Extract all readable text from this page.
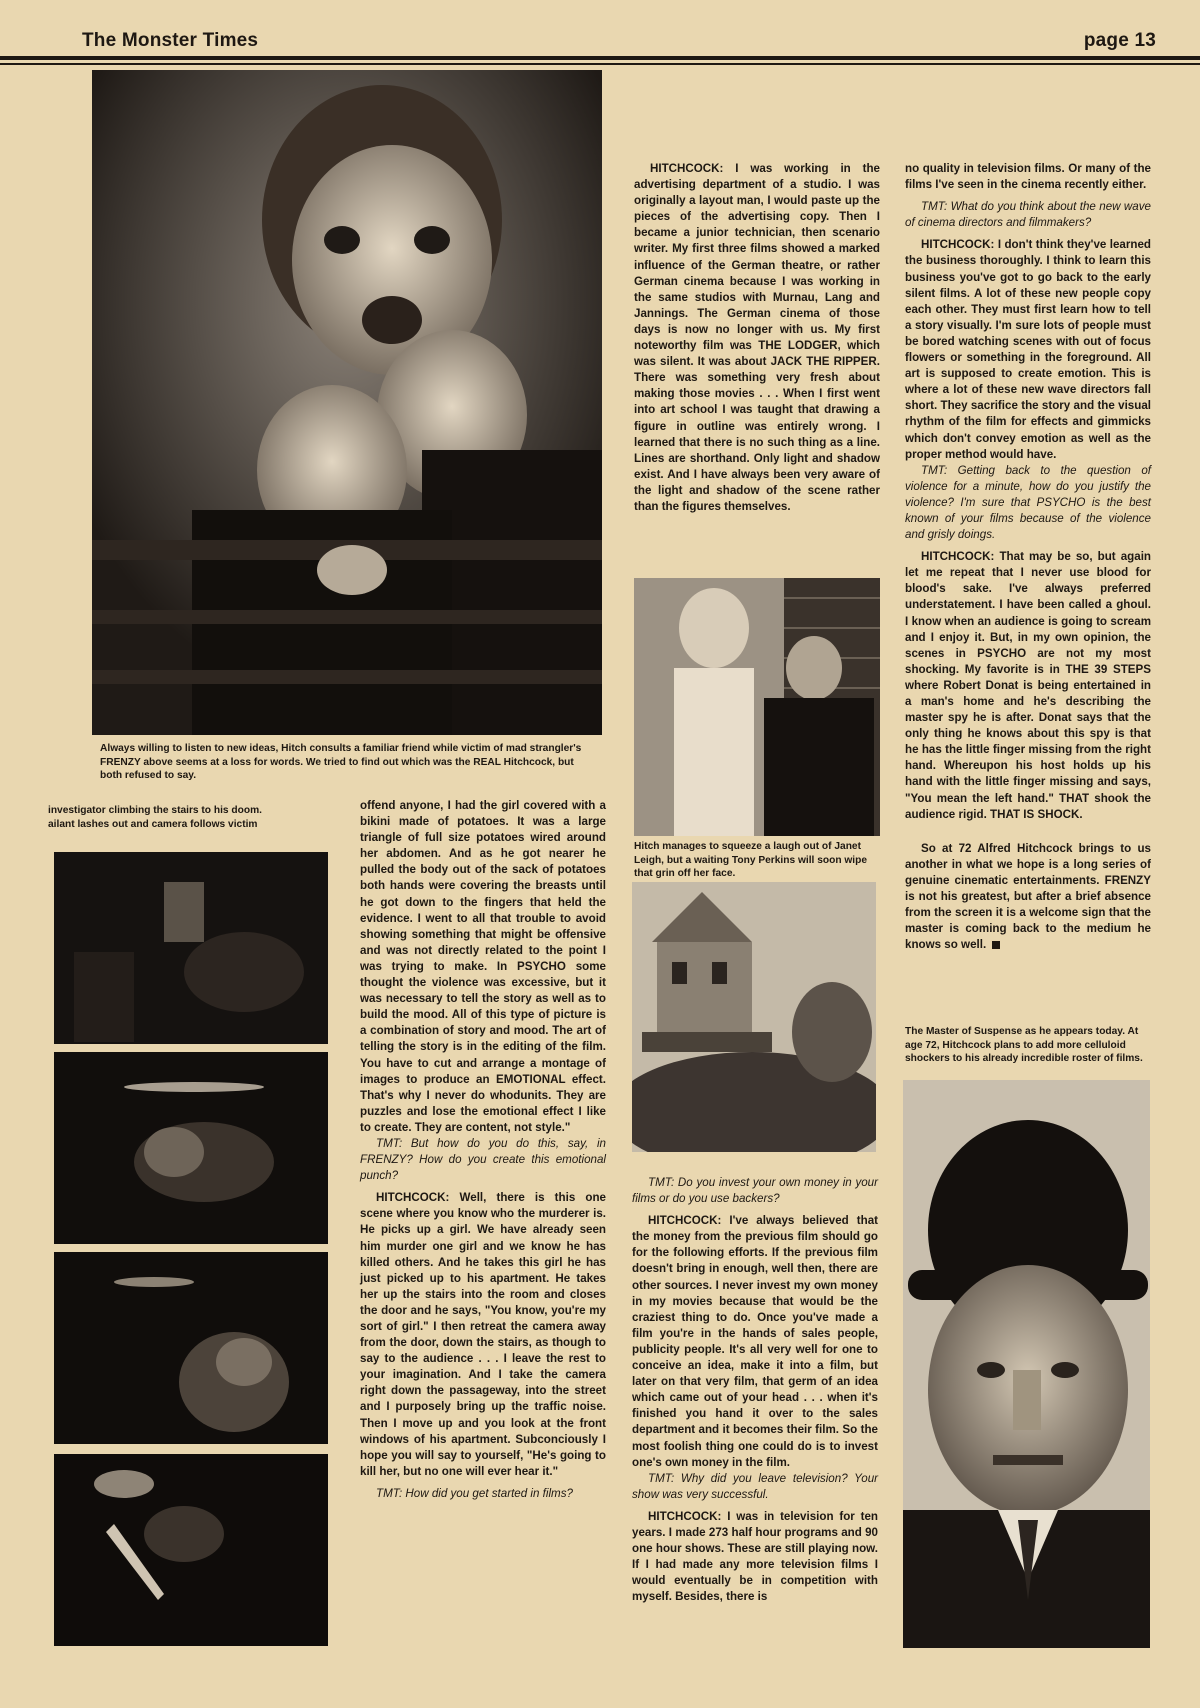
The Monster Times	page 13
Always willing to listen to new ideas, Hitch consults a familiar friend while victim of mad strangler's FRENZY above seems at a loss for words. We tried to find out which was the REAL Hitchcock, but both refused to say.
investigator climbing the stairs to his doom. ailant lashes out and camera follows victim

offend anyone, I had the girl covered with a bikini made of potatoes. It was a large triangle of full size potatoes wired around her abdomen. And as he got nearer he pulled the body out of the sack of potatoes both hands were covering the breasts until he got down to the fingers that held the evidence. I went to all that trouble to avoid showing something that might be offensive and was not directly related to the point I was trying to make. In PSYCHO some thought the violence was excessive, but it was necessary to tell the story as well as to build the mood. All of this type of picture is a combination of story and mood. The art of telling the story is in the editing of the film. You have to cut and arrange a montage of images to produce an EMOTIONAL effect. That's why I never do whodunits. They are puzzles and lose the emotional effect I like to create. They are content, not style."

TMT: But how do you do this, say, in FRENZY? How do you create this emotional punch?

HITCHCOCK: Well, there is this one scene where you know who the murderer is. He picks up a girl. We have already seen him murder one girl and we know he has killed others. And he takes this girl he has just picked up to his apartment. He takes her up the stairs into the room and closes the door and he says, "You know, you're my sort of girl." I then retreat the camera away from the door, down the stairs, as though to say to the audience . . . I leave the rest to your imagination. And I take the camera right down the passageway, into the street and I purposely bring up the traffic noise. Then I move up and you look at the front windows of his apartment. Subconciously I hope you will say to yourself, "He's going to kill her, but no one will ever hear it."

TMT: How did you get started in films?

HITCHCOCK: I was working in the advertising department of a studio. I was originally a layout man, I would paste up the pieces of the advertising copy. Then I became a junior technician, then scenario writer. My first three films showed a marked influence of the German theatre, or rather German cinema because I was working in the same studios with Murnau, Lang and Jannings. The German cinema of those days is now no longer with us. My first noteworthy film was THE LODGER, which was silent. It was about JACK THE RIPPER. There was something very fresh about making those movies . . . When I first went into art school I was taught that drawing a figure in outline was entirely wrong. I learned that there is no such thing as a line. Lines are shorthand. Only light and shadow exist. And I have always been very aware of the light and shadow of the scene rather than the figures themselves.

Hitch manages to squeeze a laugh out of Janet Leigh, but a waiting Tony Perkins will soon wipe that grin off her face.

TMT: Do you invest your own money in your films or do you use backers?

HITCHCOCK: I've always believed that the money from the previous film should go for the following efforts. If the previous film doesn't bring in enough, well then, there are other sources. I never invest my own money in my movies because that would be the craziest thing to do. Once you've made a film you're in the hands of sales people, publicity people. It's all very well for one to conceive an idea, make it into a film, but later on that very film, that germ of an idea which came out of your head . . . when it's finished you hand it over to the sales department and it becomes their film. So the most foolish thing one could do is to invest one's own money in the film.

TMT: Why did you leave television? Your show was very successful.

HITCHCOCK: I was in television for ten years. I made 273 half hour programs and 90 one hour shows. These are still playing now. If I had made any more television films I would eventually be in competition with myself. Besides, there is

no quality in television films. Or many of the films I've seen in the cinema recently either.

TMT: What do you think about the new wave of cinema directors and filmmakers?

HITCHCOCK: I don't think they've learned the business thoroughly. I think to learn this business you've got to go back to the early silent films. A lot of these new people copy each other. They must first learn how to tell a story visually. I'm sure lots of people must be bored watching scenes with out of focus flowers or something in the foreground. All art is supposed to create emotion. This is where a lot of these new wave directors fall short. They sacrifice the story and the visual rhythm of the film for effects and gimmicks which don't convey emotion as well as the proper method would have.

TMT: Getting back to the question of violence for a minute, how do you justify the violence? I'm sure that PSYCHO is the best known of your films because of the violence and grisly doings.

HITCHCOCK: That may be so, but again let me repeat that I never use blood for blood's sake. I've always preferred understatement. I have been called a ghoul. I know when an audience is going to scream and I enjoy it. But, in my own opinion, the scenes in PSYCHO are not my most shocking. My favorite is in THE 39 STEPS where Robert Donat is being entertained in a man's home and he's describing the master spy he is after. Donat says that the only thing he knows about this spy is that he has the little finger missing from the right hand. Whereupon his host holds up his hand with the little finger missing and says, "You mean the left hand." THAT shook the audience rigid. THAT IS SHOCK.

So at 72 Alfred Hitchcock brings to us another in what we hope is a long series of genuine cinematic entertainments. FRENZY is not his greatest, but after a brief absence from the screen it is a welcome sign that the master is coming back to the medium he knows so well.

The Master of Suspense as he appears today. At age 72, Hitchcock plans to add more celluloid shockers to his already incredible roster of films.
